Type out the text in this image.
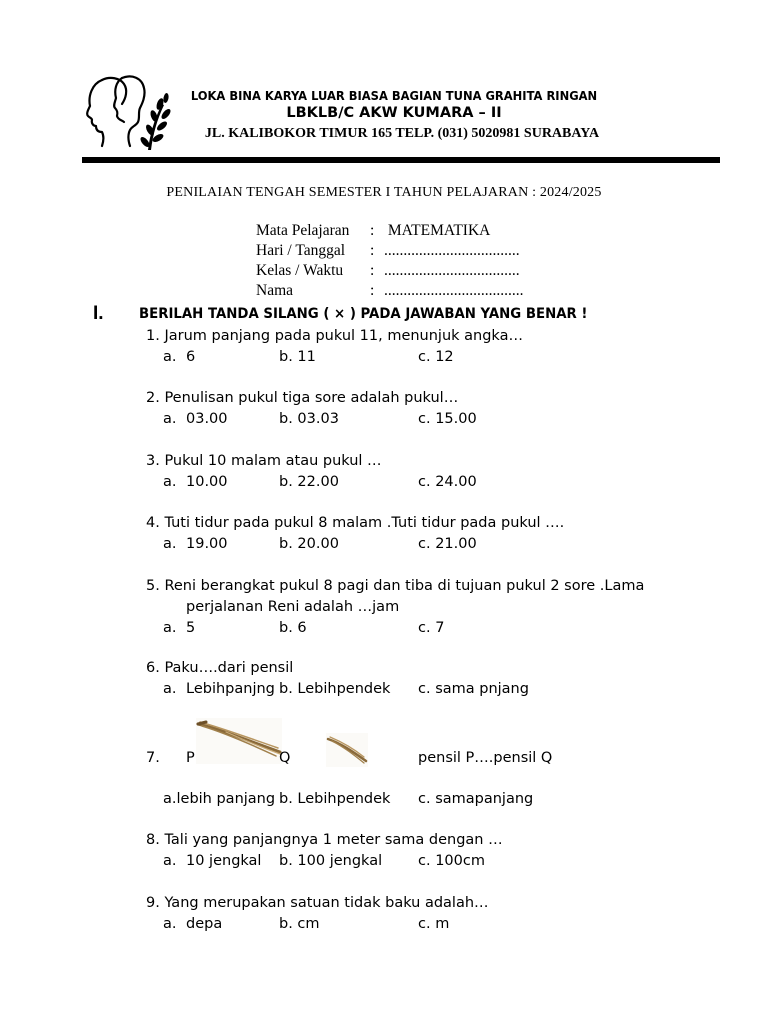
LOKA BINA KARYA LUAR BIASA BAGIAN TUNA GRAHITA RINGAN
LBKLB/C AKW KUMARA – II
JL. KALIBOKOR TIMUR 165 TELP. (031) 5020981 SURABAYA
PENILAIAN TENGAH SEMESTER I TAHUN PELAJARAN : 2024/2025
Mata Pelajaran : MATEMATIKA
Hari / Tanggal : ...................................
Kelas / Waktu : ...................................
Nama	: ....................................
I.	BERILAH TANDA SILANG ( × ) PADA JAWABAN YANG BENAR !
1. Jarum panjang pada pukul 11, menunjuk angka…
a. 6	b. 11	c. 12
2. Penulisan pukul tiga sore adalah pukul…
a. 03.00	b. 03.03	c. 15.00
3. Pukul 10 malam atau pukul …
a. 10.00	b. 22.00	c. 24.00
4. Tuti tidur pada pukul 8 malam .Tuti tidur pada pukul ….
a. 19.00	b. 20.00	c. 21.00
5. Reni berangkat pukul 8 pagi dan tiba di tujuan pukul 2 sore .Lama
perjalanan Reni adalah …jam
a. 5	b. 6	c. 7
6. Paku….dari pensil
a. Lebihpanjng b. Lebihpendek c. sama pnjang
7. P	Q	pensil P….pensil Q
a.lebih panjang b. Lebihpendek c. samapanjang
8. Tali yang panjangnya 1 meter sama dengan …
a. 10 jengkal b. 100 jengkal c. 100cm
9. Yang merupakan satuan tidak baku adalah…
a. depa	b. cm	c. m
